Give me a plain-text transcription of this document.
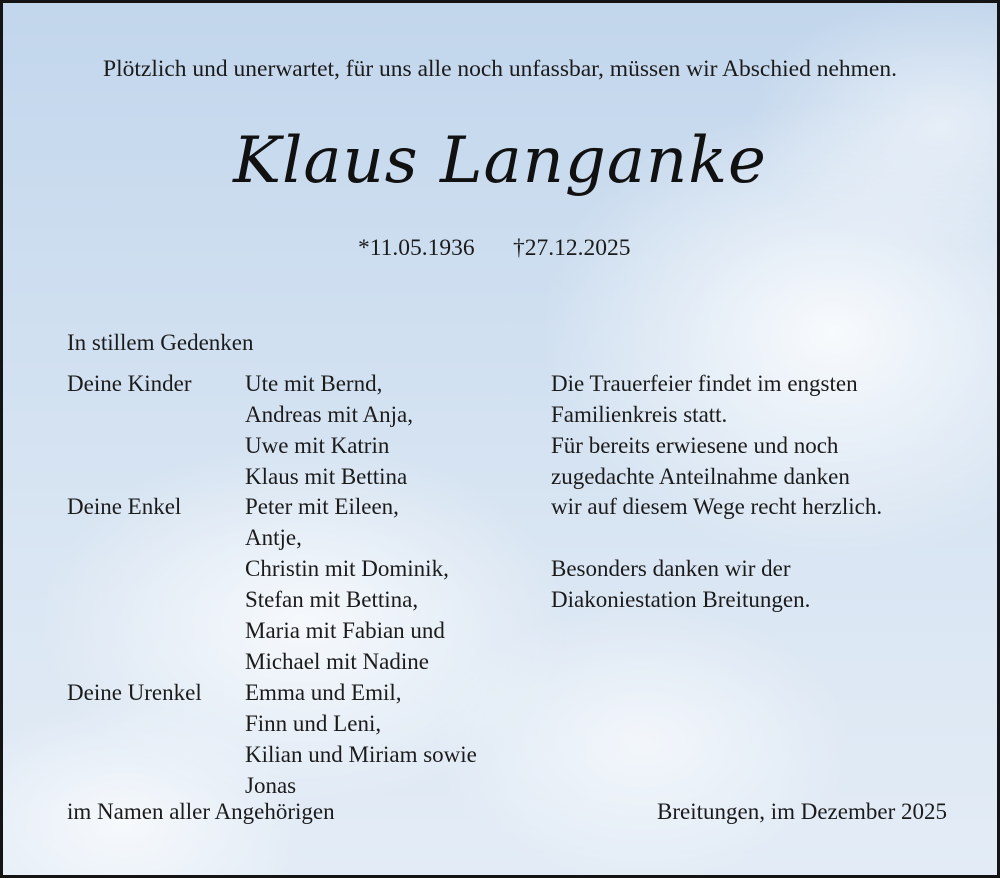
Plötzlich und unerwartet, für uns alle noch unfassbar, müssen wir Abschied nehmen.
Klaus Langanke
*11.05.1936 †27.12.2025
In stillem Gedenken
Deine Kinder Ute mit Bernd,
Andreas mit Anja,
Uwe mit Katrin
Klaus mit Bettina
Deine Enkel	Peter mit Eileen,
Antje,
Christin mit Dominik,
Stefan mit Bettina,
Maria mit Fabian und
Michael mit Nadine
Deine Urenkel Emma und Emil,
Finn und Leni,
Kilian und Miriam sowie
Jonas
Die Trauerfeier findet im engsten
Familienkreis statt.
Für bereits erwiesene und noch
zugedachte Anteilnahme danken
wir auf diesem Wege recht herzlich.
Besonders danken wir der
Diakoniestation Breitungen.
im Namen aller Angehörigen	Breitungen, im Dezember 2025
